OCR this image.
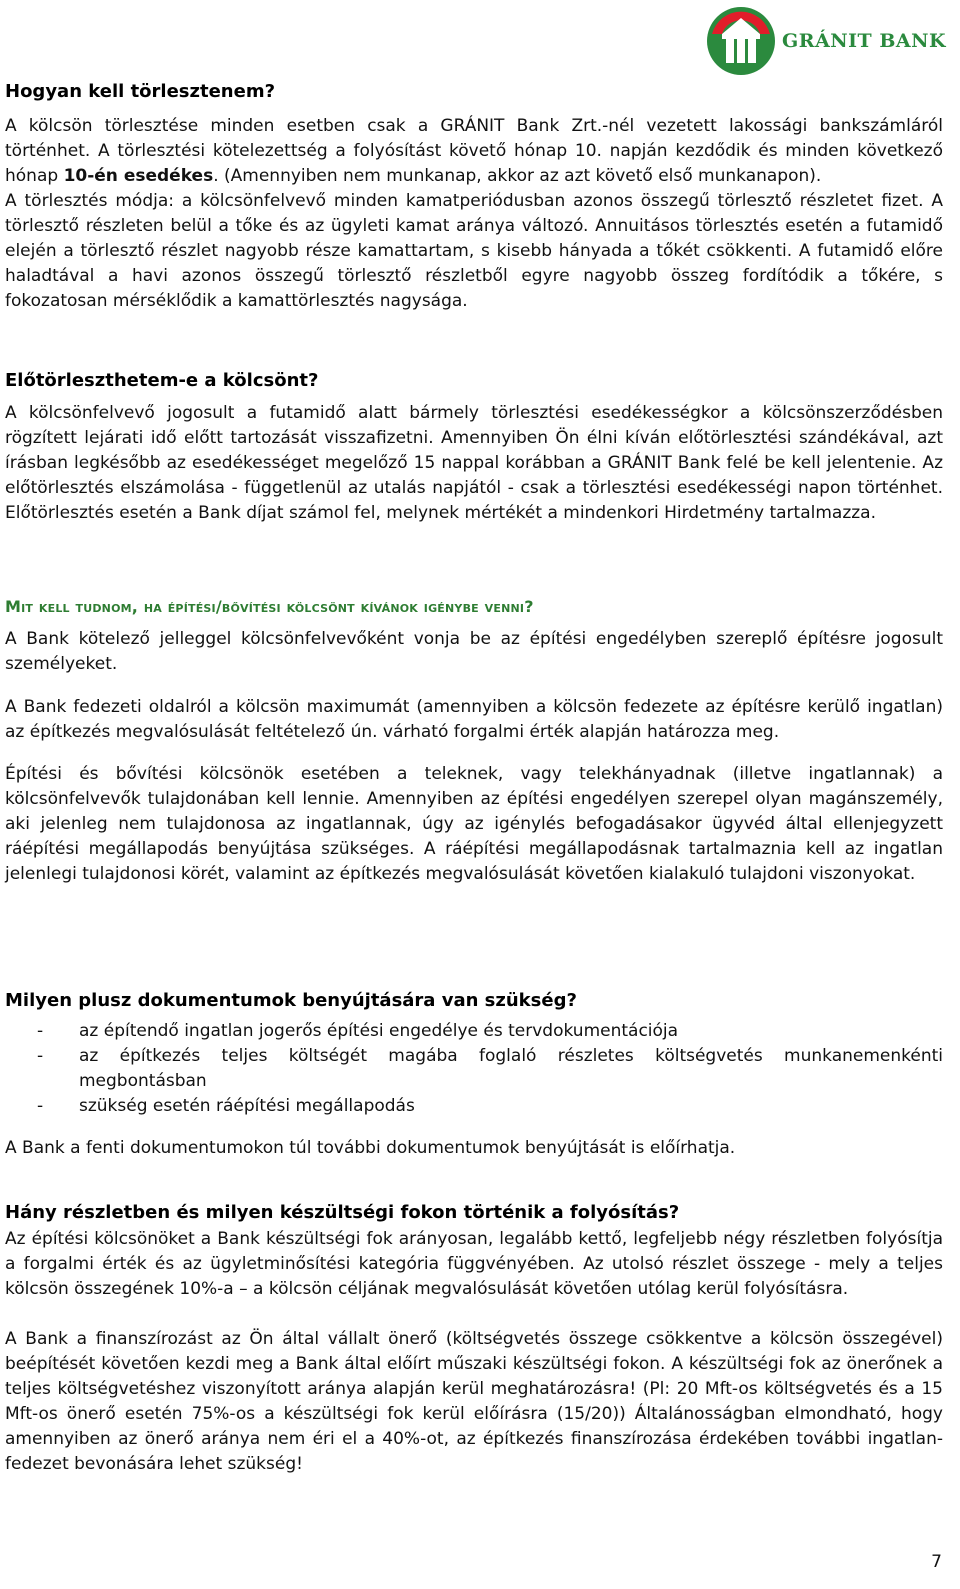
GRÁNIT BANK
Hogyan kell törlesztenem?

A kölcsön törlesztése minden esetben csak a GRÁNIT Bank Zrt.-nél vezetett lakossági bankszámláról történhet. A törlesztési kötelezettség a folyósítást követő hónap 10. napján kezdődik és minden következő hónap 10-én esedékes. (Amennyiben nem munkanap, akkor az azt követő első munkanapon).

A törlesztés módja: a kölcsönfelvevő minden kamatperiódusban azonos összegű törlesztő részletet fizet. A törlesztő részleten belül a tőke és az ügyleti kamat aránya változó. Annuitásos törlesztés esetén a futamidő elején a törlesztő részlet nagyobb része kamattartam, s kisebb hányada a tőkét csökkenti. A futamidő előre haladtával a havi azonos összegű törlesztő részletből egyre nagyobb összeg fordítódik a tőkére, s fokozatosan mérséklődik a kamattörlesztés nagysága.

Előtörleszthetem-e a kölcsönt?

A kölcsönfelvevő jogosult a futamidő alatt bármely törlesztési esedékességkor a kölcsönszerződésben rögzített lejárati idő előtt tartozását visszafizetni. Amennyiben Ön élni kíván előtörlesztési szándékával, azt írásban legkésőbb az esedékességet megelőző 15 nappal korábban a GRÁNIT Bank felé be kell jelentenie. Az előtörlesztés elszámolása - függetlenül az utalás napjától - csak a törlesztési esedékességi napon történhet. Előtörlesztés esetén a Bank díjat számol fel, melynek mértékét a mindenkori Hirdetmény tartalmazza.

Mit kell tudnom, ha építési/bővítési kölcsönt kívánok igénybe venni?

A Bank kötelező jelleggel kölcsönfelvevőként vonja be az építési engedélyben szereplő építésre jogosult személyeket.

A Bank fedezeti oldalról a kölcsön maximumát (amennyiben a kölcsön fedezete az építésre kerülő ingatlan) az építkezés megvalósulását feltételező ún. várható forgalmi érték alapján határozza meg.

Építési és bővítési kölcsönök esetében a teleknek, vagy telekhányadnak (illetve ingatlannak) a kölcsönfelvevők tulajdonában kell lennie. Amennyiben az építési engedélyen szerepel olyan magánszemély, aki jelenleg nem tulajdonosa az ingatlannak, úgy az igénylés befogadásakor ügyvéd által ellenjegyzett ráépítési megállapodás benyújtása szükséges. A ráépítési megállapodásnak tartalmaznia kell az ingatlan jelenlegi tulajdonosi körét, valamint az építkezés megvalósulását követően kialakuló tulajdoni viszonyokat.

Milyen plusz dokumentumok benyújtására van szükség?
- az építendő ingatlan jogerős építési engedélye és tervdokumentációja
- az építkezés teljes költségét magába foglaló részletes költségvetés munkanemenkénti megbontásban
- szükség esetén ráépítési megállapodás

A Bank a fenti dokumentumokon túl további dokumentumok benyújtását is előírhatja.

Hány részletben és milyen készültségi fokon történik a folyósítás?

Az építési kölcsönöket a Bank készültségi fok arányosan, legalább kettő, legfeljebb négy részletben folyósítja a forgalmi érték és az ügyletminősítési kategória függvényében. Az utolsó részlet összege - mely a teljes kölcsön összegének 10%-a – a kölcsön céljának megvalósulását követően utólag kerül folyósításra.

A Bank a finanszírozást az Ön által vállalt önerő (költségvetés összege csökkentve a kölcsön összegével) beépítését követően kezdi meg a Bank által előírt műszaki készültségi fokon. A készültségi fok az önerőnek a teljes költségvetéshez viszonyított aránya alapján kerül meghatározásra! (Pl: 20 Mft-os költségvetés és a 15 Mft-os önerő esetén 75%-os a készültségi fok kerül előírásra (15/20)) Általánosságban elmondható, hogy amennyiben az önerő aránya nem éri el a 40%-ot, az építkezés finanszírozása érdekében további ingatlan-fedezet bevonására lehet szükség!

7
